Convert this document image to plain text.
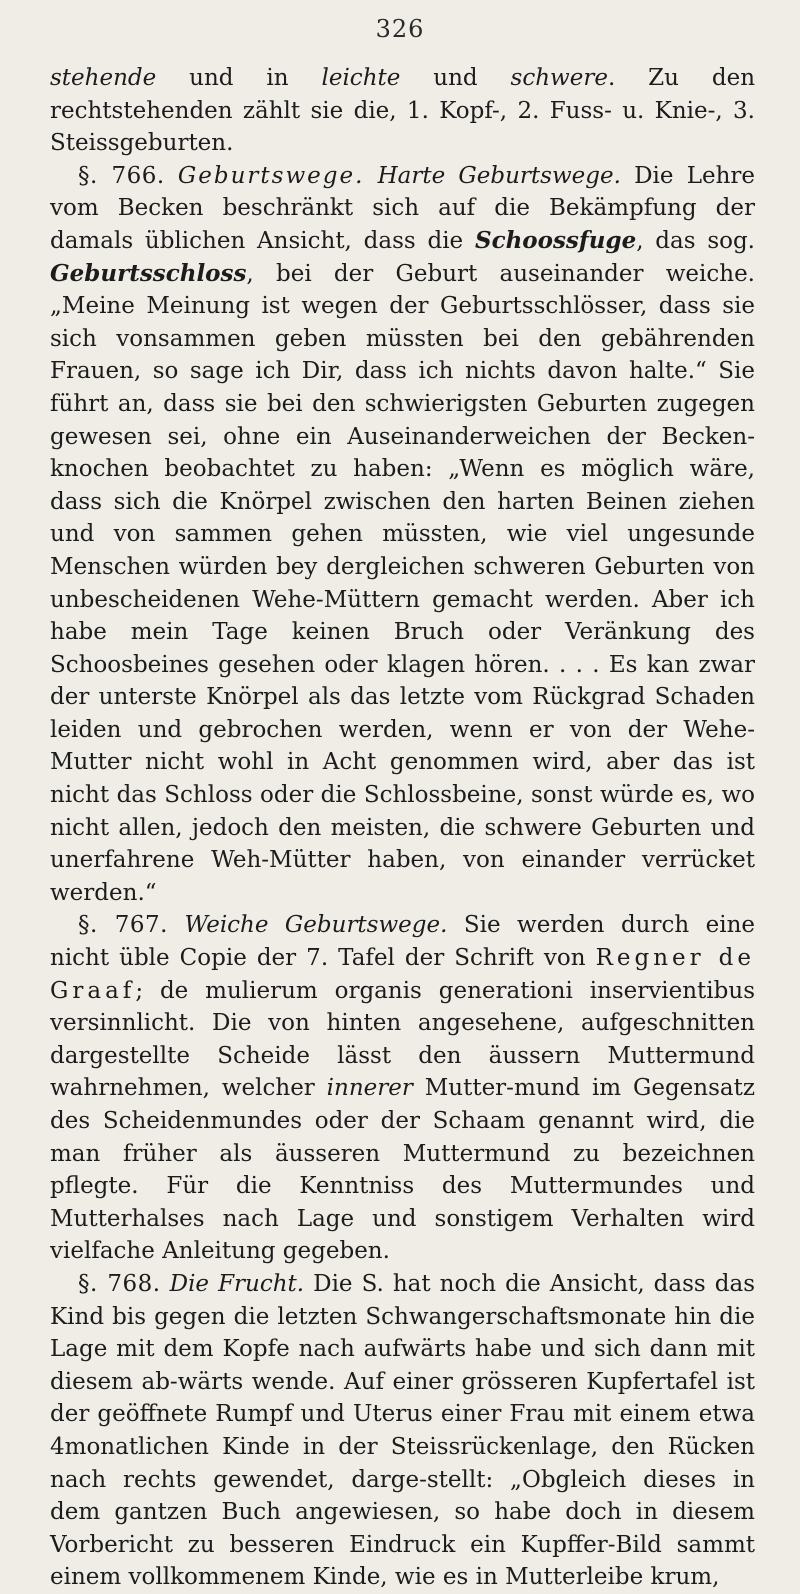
326

stehende und in leichte und schwere. Zu den rechtstehenden zählt sie die, 1. Kopf-, 2. Fuss- u. Knie-, 3. Steissgeburten.

§. 766. Geburtswege. Harte Geburtswege. Die Lehre vom Becken beschränkt sich auf die Bekämpfung der damals üblichen Ansicht, dass die Schoossfuge, das sog. Geburtsschloss, bei der Geburt auseinander weiche. „Meine Meinung ist wegen der Geburtsschlösser, dass sie sich vonsammen geben müssten bei den gebährenden Frauen, so sage ich Dir, dass ich nichts davon halte.“ Sie führt an, dass sie bei den schwierigsten Geburten zugegen gewesen sei, ohne ein Auseinanderweichen der Becken-knochen beobachtet zu haben: „Wenn es möglich wäre, dass sich die Knörpel zwischen den harten Beinen ziehen und von sammen gehen müssten, wie viel ungesunde Menschen würden bey dergleichen schweren Geburten von unbescheidenen Wehe-Müttern gemacht werden. Aber ich habe mein Tage keinen Bruch oder Veränkung des Schoosbeines gesehen oder klagen hören. . . . Es kan zwar der unterste Knörpel als das letzte vom Rückgrad Schaden leiden und gebrochen werden, wenn er von der Wehe-Mutter nicht wohl in Acht genommen wird, aber das ist nicht das Schloss oder die Schlossbeine, sonst würde es, wo nicht allen, jedoch den meisten, die schwere Geburten und unerfahrene Weh-Mütter haben, von einander verrücket werden.“

§. 767. Weiche Geburtswege. Sie werden durch eine nicht üble Copie der 7. Tafel der Schrift von Regner de Graaf; de mulierum organis generationi inservientibus versinnlicht. Die von hinten angesehene, aufgeschnitten dargestellte Scheide lässt den äussern Muttermund wahrnehmen, welcher innerer Mutter-mund im Gegensatz des Scheidenmundes oder der Schaam genannt wird, die man früher als äusseren Muttermund zu bezeichnen pflegte. Für die Kenntniss des Muttermundes und Mutterhalses nach Lage und sonstigem Verhalten wird vielfache Anleitung gegeben.

§. 768. Die Frucht. Die S. hat noch die Ansicht, dass das Kind bis gegen die letzten Schwangerschaftsmonate hin die Lage mit dem Kopfe nach aufwärts habe und sich dann mit diesem ab-wärts wende. Auf einer grösseren Kupfertafel ist der geöffnete Rumpf und Uterus einer Frau mit einem etwa 4monatlichen Kinde in der Steissrückenlage, den Rücken nach rechts gewendet, darge-stellt: „Obgleich dieses in dem gantzen Buch angewiesen, so habe doch in diesem Vorbericht zu besseren Eindruck ein Kupffer-Bild sammt einem vollkommenem Kinde, wie es in Mutterleibe krum,
